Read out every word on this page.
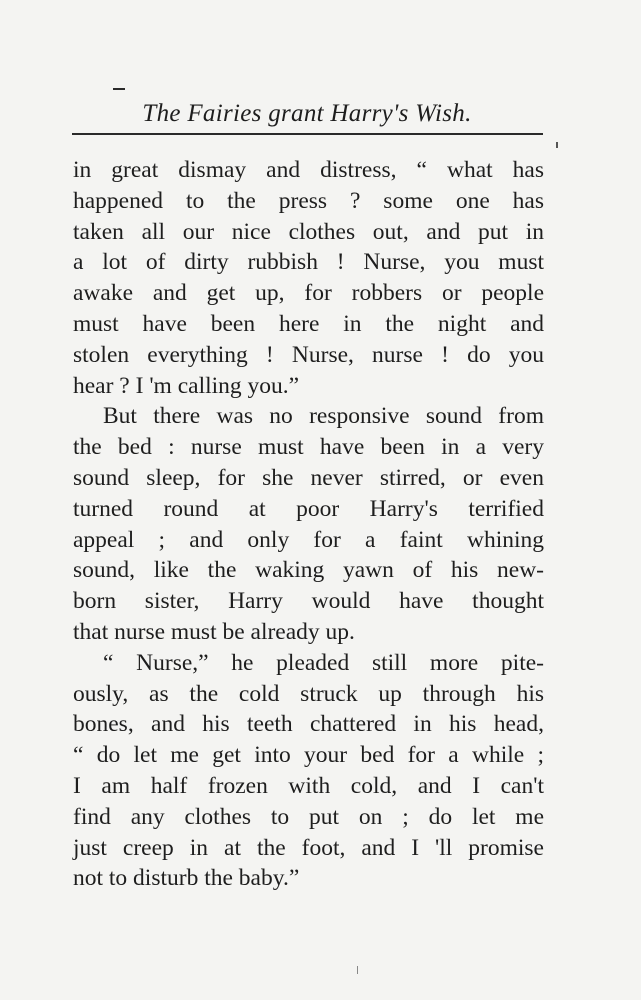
The Fairies grant Harry's Wish.
in great dismay and distress, “ what has
happened to the press ? some one has
taken all our nice clothes out, and put in
a lot of dirty rubbish ! Nurse, you must
awake and get up, for robbers or people
must have been here in the night and
stolen everything ! Nurse, nurse ! do you
hear ? I 'm calling you.”
But there was no responsive sound from
the bed : nurse must have been in a very
sound sleep, for she never stirred, or even
turned round at poor Harry's terrified
appeal ; and only for a faint whining
sound, like the waking yawn of his new-
born sister, Harry would have thought
that nurse must be already up.
“ Nurse,” he pleaded still more pite-
ously, as the cold struck up through his
bones, and his teeth chattered in his head,
“ do let me get into your bed for a while ;
I am half frozen with cold, and I can't
find any clothes to put on ; do let me
just creep in at the foot, and I 'll promise
not to disturb the baby.”
